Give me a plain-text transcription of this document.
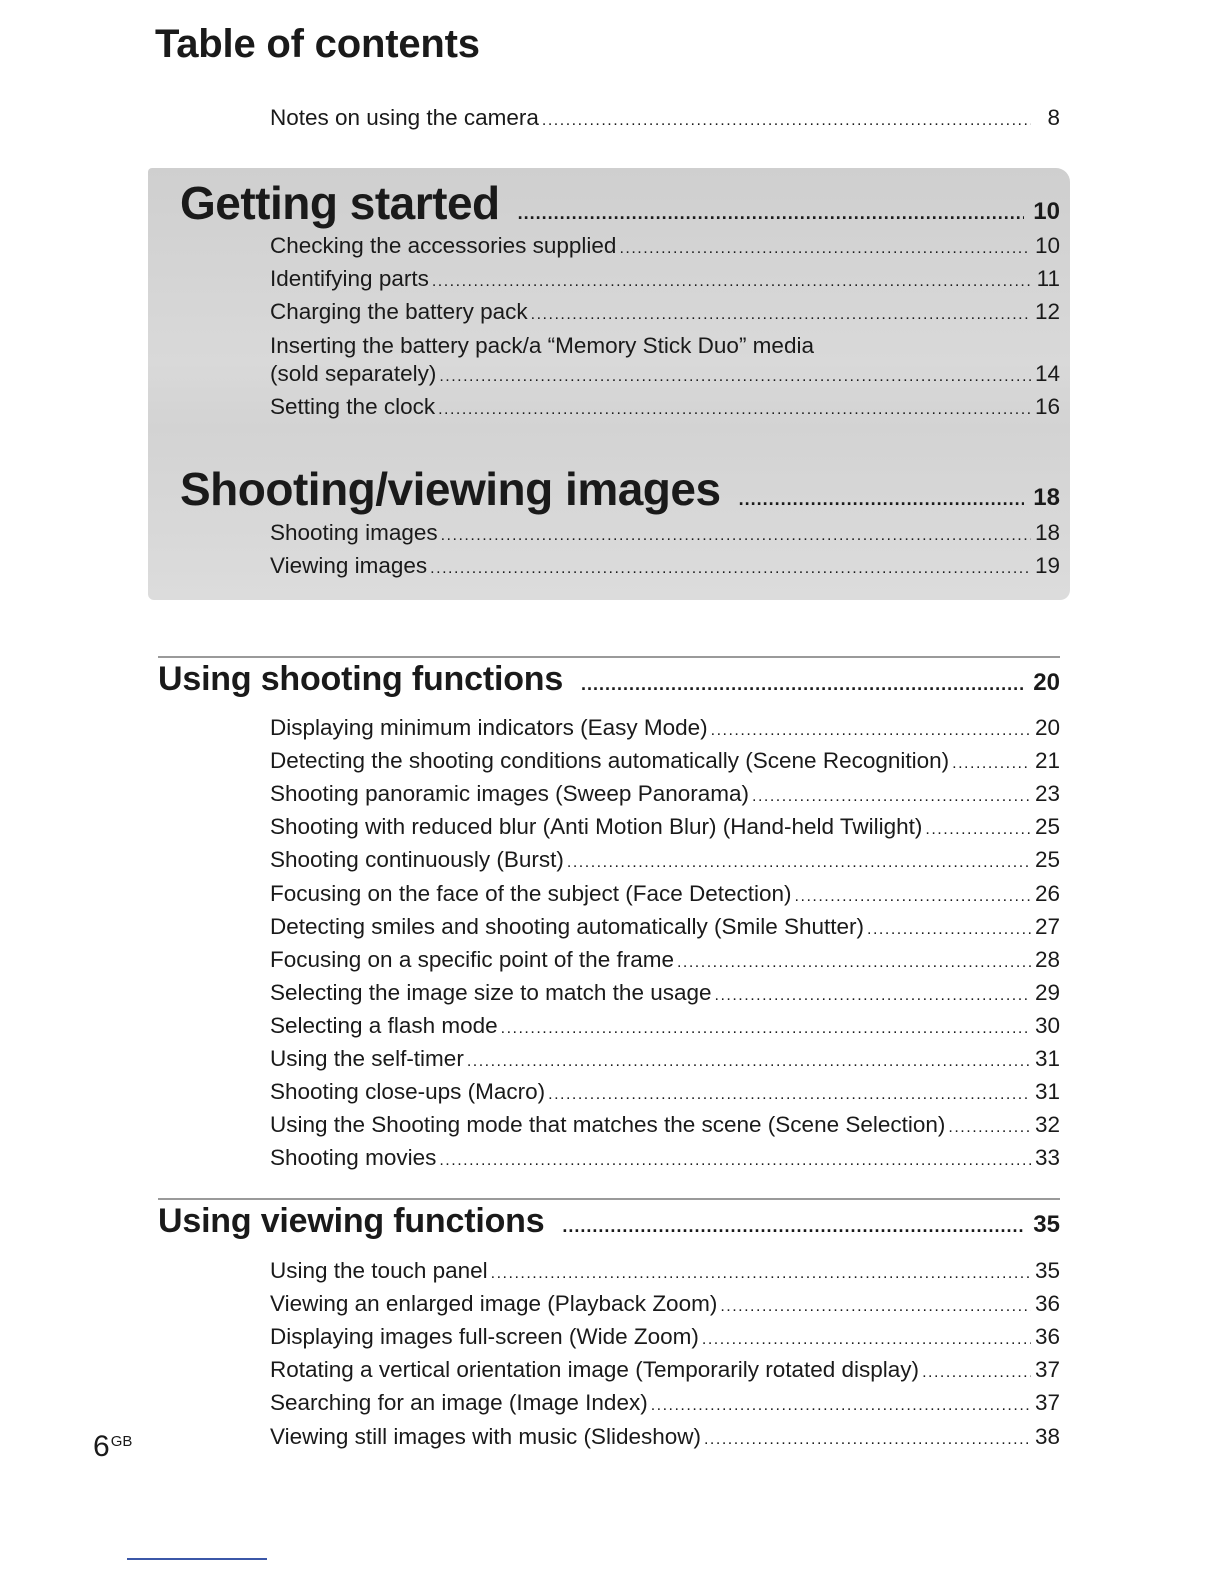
Table of contents
Notes on using the camera .....	8
Getting started .....	10
Checking the accessories supplied .....	10
Identifying parts .....	11
Charging the battery pack .....	12
Inserting the battery pack/a “Memory Stick Duo” media
(sold separately) .....	14
Setting the clock .....	16
Shooting/viewing images .....	18
Shooting images .....	18
Viewing images .....	19
Using shooting functions .....	20
Displaying minimum indicators (Easy Mode) .....	20
Detecting the shooting conditions automatically (Scene Recognition) .....	21
Shooting panoramic images (Sweep Panorama) .....	23
Shooting with reduced blur (Anti Motion Blur) (Hand-held Twilight) .....	25
Shooting continuously (Burst) .....	25
Focusing on the face of the subject (Face Detection) .....	26
Detecting smiles and shooting automatically (Smile Shutter) .....	27
Focusing on a specific point of the frame .....	28
Selecting the image size to match the usage .....	29
Selecting a flash mode .....	30
Using the self-timer .....	31
Shooting close-ups (Macro) .....	31
Using the Shooting mode that matches the scene (Scene Selection) .....	32
Shooting movies .....	33
Using viewing functions .....	35
Using the touch panel .....	35
Viewing an enlarged image (Playback Zoom) .....	36
Displaying images full-screen (Wide Zoom) .....	36
Rotating a vertical orientation image (Temporarily rotated display) .....	37
Searching for an image (Image Index) .....	37
Viewing still images with music (Slideshow) .....	38
$6^{GB}$
